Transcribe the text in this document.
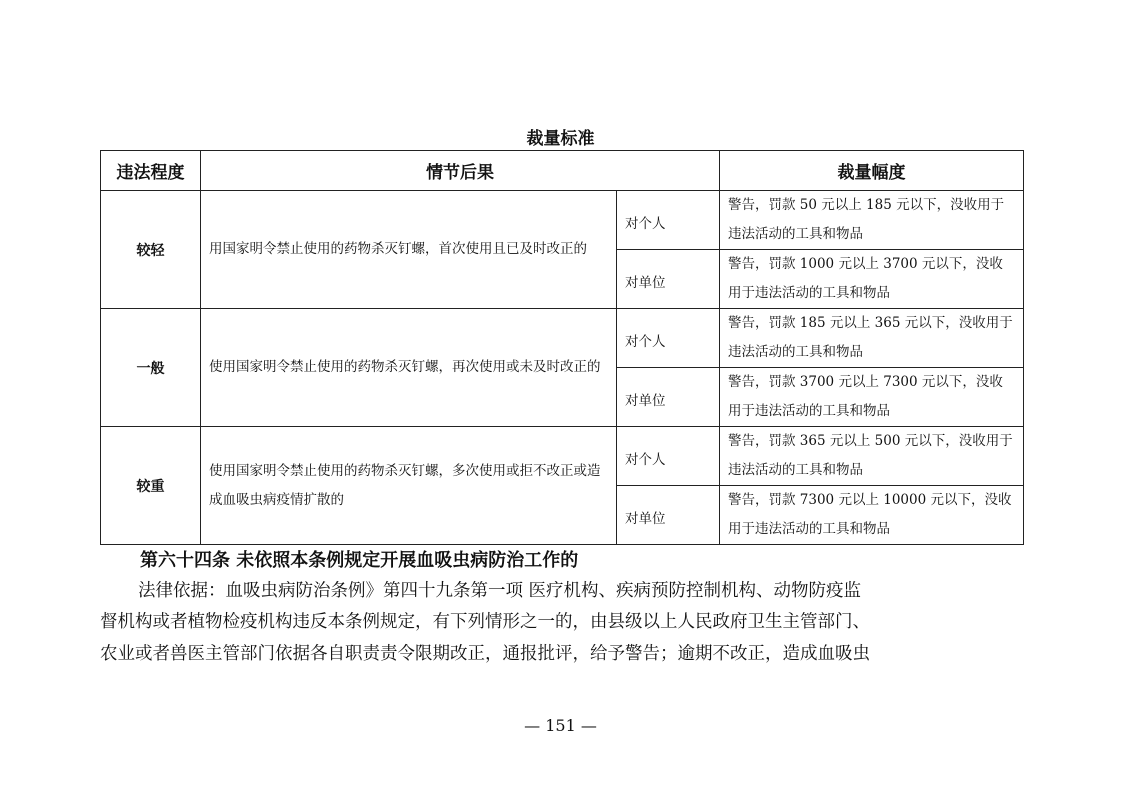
裁量标准
违法程度	情节后果		裁量幅度
较轻	用国家明令禁止使用的药物杀灭钉螺，首次使用且已及时改正的	对个人	警告，罚款 50 元以上 185 元以下，没收用于违法活动的工具和物品
		对单位	警告，罚款 1000 元以上 3700 元以下，没收用于违法活动的工具和物品
一般	使用国家明令禁止使用的药物杀灭钉螺，再次使用或未及时改正的	对个人	警告，罚款 185 元以上 365 元以下，没收用于违法活动的工具和物品
		对单位	警告，罚款 3700 元以上 7300 元以下，没收用于违法活动的工具和物品
较重	使用国家明令禁止使用的药物杀灭钉螺，多次使用或拒不改正或造成血吸虫病疫情扩散的	对个人	警告，罚款 365 元以上 500 元以下，没收用于违法活动的工具和物品
		对单位	警告，罚款 7300 元以上 10000 元以下，没收用于违法活动的工具和物品
第六十四条 未依照本条例规定开展血吸虫病防治工作的
法律依据：血吸虫病防治条例》第四十九条第一项 医疗机构、疾病预防控制机构、动物防疫监
督机构或者植物检疫机构违反本条例规定，有下列情形之一的，由县级以上人民政府卫生主管部门、
农业或者兽医主管部门依据各自职责责令限期改正，通报批评，给予警告；逾期不改正，造成血吸虫
— 151 —
